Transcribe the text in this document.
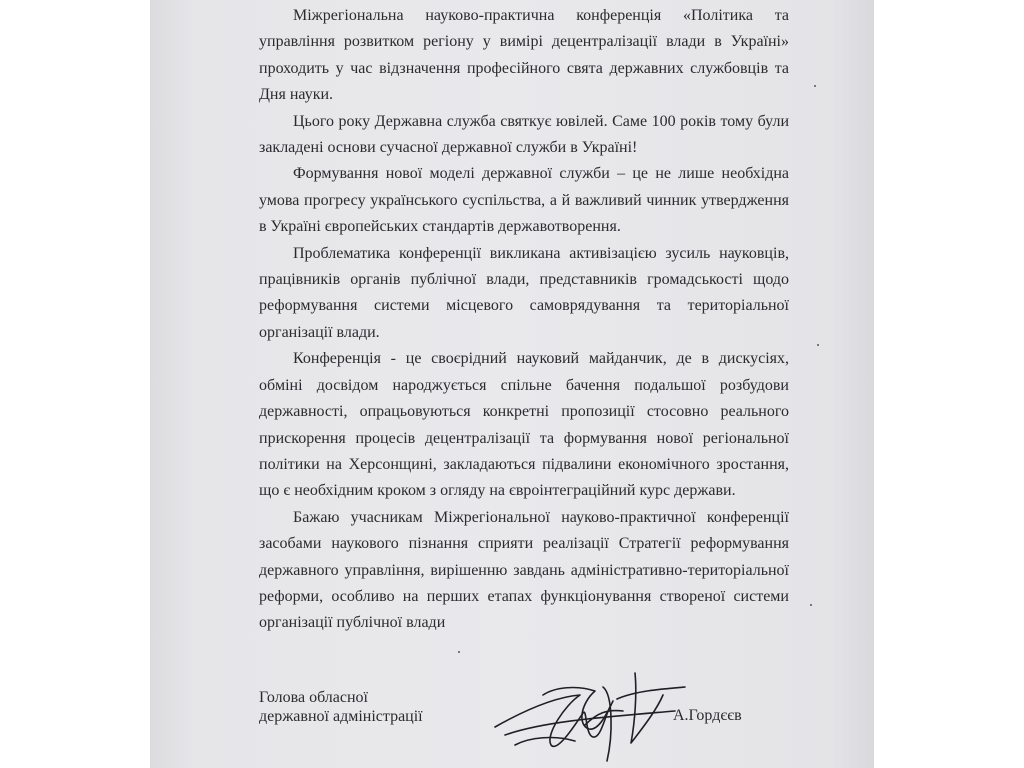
Міжрегіональна науково-практична конференція «Політика та управління розвитком регіону у вимірі децентралізації влади в Україні» проходить у час відзначення професійного свята державних службовців та Дня науки.

Цього року Державна служба святкує ювілей. Саме 100 років тому були закладені основи сучасної державної служби в Україні!

Формування нової моделі державної служби – це не лише необхідна умова прогресу українського суспільства, а й важливий чинник утвердження в Україні європейських стандартів державотворення.

Проблематика конференції викликана активізацією зусиль науковців, працівників органів публічної влади, представників громадськості щодо реформування системи місцевого самоврядування та територіальної організації влади.

Конференція - це своєрідний науковий майданчик, де в дискусіях, обміні досвідом народжується спільне бачення подальшої розбудови державності, опрацьовуються конкретні пропозиції стосовно реального прискорення процесів децентралізації та формування нової регіональної політики на Херсонщині, закладаються підвалини економічного зростання, що є необхідним кроком з огляду на євроінтеграційний курс держави.

Бажаю учасникам Міжрегіональної науково-практичної конференції засобами наукового пізнання сприяти реалізації Стратегії реформування державного управління, вирішенню завдань адміністративно-територіальної реформи, особливо на перших етапах функціонування створеної системи організації публічної влади

Голова обласної
державної адміністрації	А.Гордєєв
